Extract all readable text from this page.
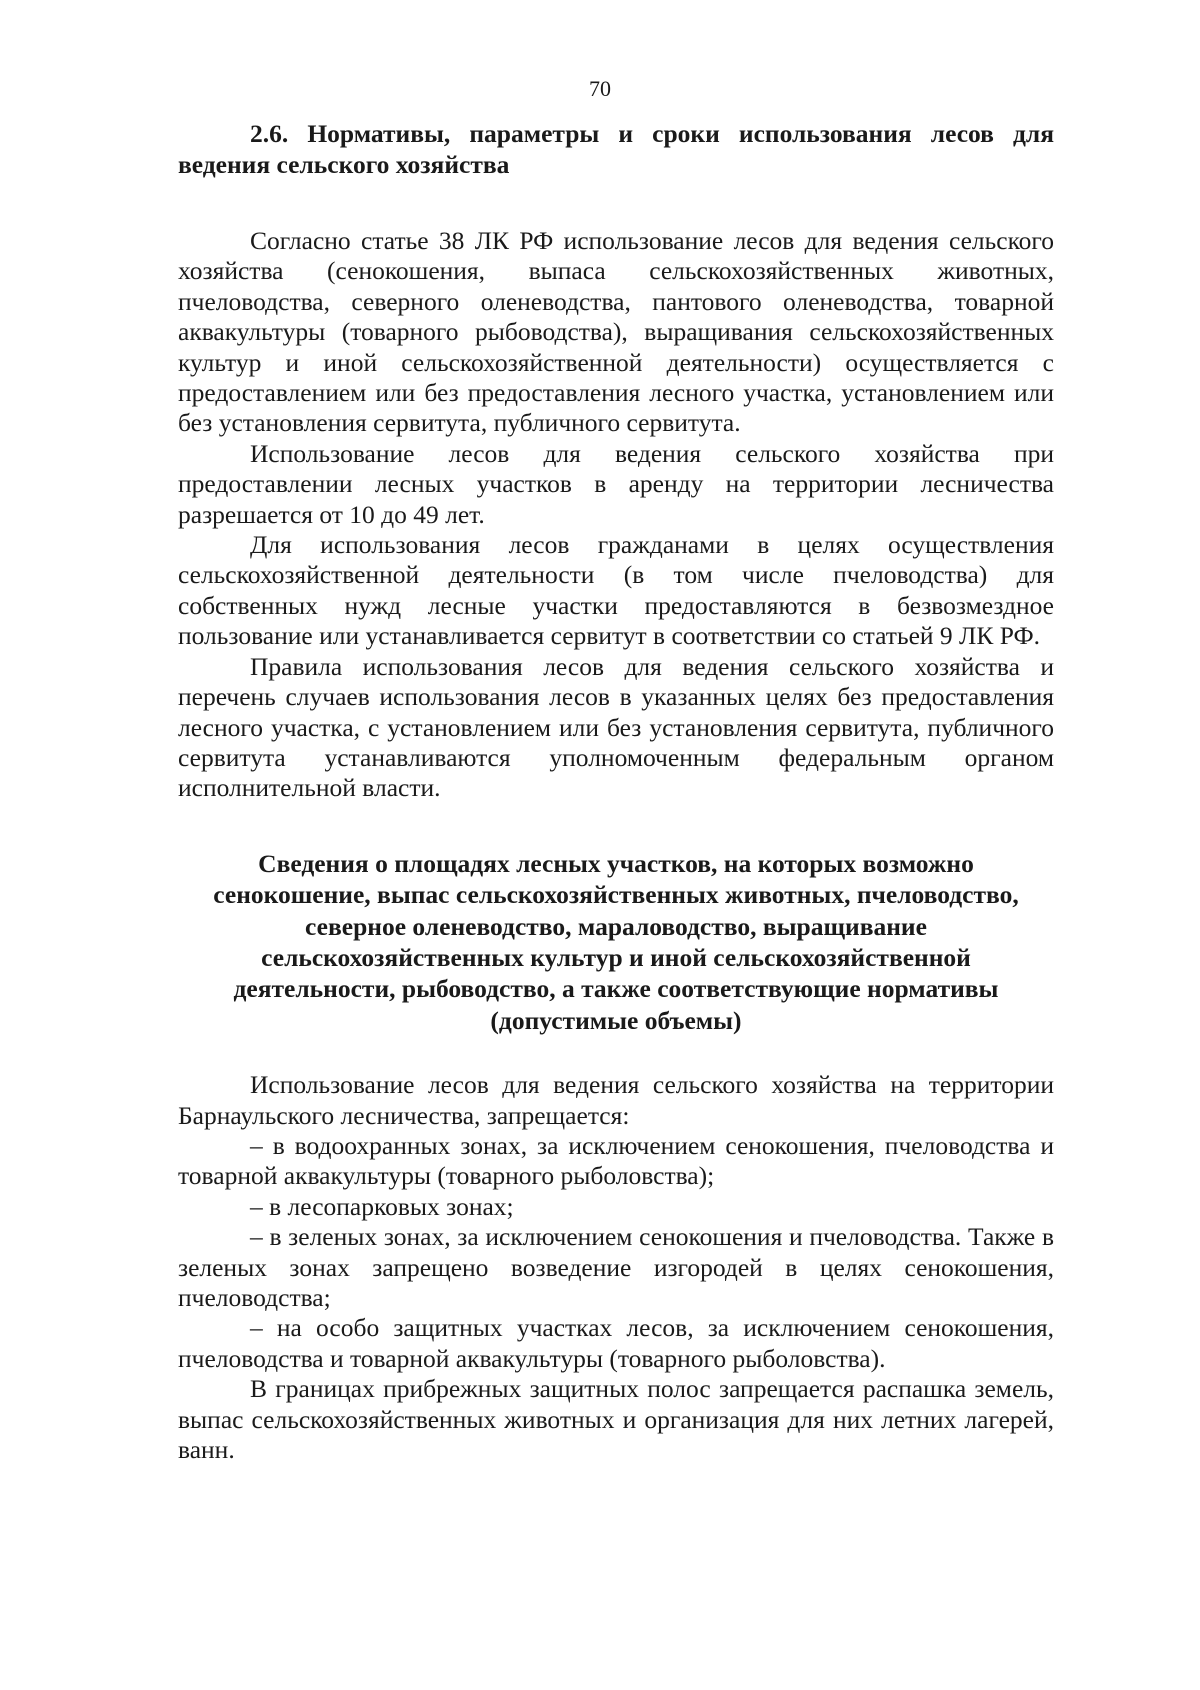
70
2.6. Нормативы, параметры и сроки использования лесов для ведения сельского хозяйства

Согласно статье 38 ЛК РФ использование лесов для ведения сельского хозяйства (сенокошения, выпаса сельскохозяйственных животных, пчеловодства, северного оленеводства, пантового оленеводства, товарной аквакультуры (товарного рыбоводства), выращивания сельскохозяйственных культур и иной сельскохозяйственной деятельности) осуществляется с предоставлением или без предоставления лесного участка, установлением или без установления сервитута, публичного сервитута.

Использование лесов для ведения сельского хозяйства при предоставлении лесных участков в аренду на территории лесничества разрешается от 10 до 49 лет.

Для использования лесов гражданами в целях осуществления сельскохозяйственной деятельности (в том числе пчеловодства) для собственных нужд лесные участки предоставляются в безвозмездное пользование или устанавливается сервитут в соответствии со статьей 9 ЛК РФ.

Правила использования лесов для ведения сельского хозяйства и перечень случаев использования лесов в указанных целях без предоставления лесного участка, с установлением или без установления сервитута, публичного сервитута устанавливаются уполномоченным федеральным органом исполнительной власти.

Сведения о площадях лесных участков, на которых возможно сенокошение, выпас сельскохозяйственных животных, пчеловодство, северное оленеводство, мараловодство, выращивание сельскохозяйственных культур и иной сельскохозяйственной деятельности, рыбоводство, а также соответствующие нормативы (допустимые объемы)

Использование лесов для ведения сельского хозяйства на территории Барнаульского лесничества, запрещается:

– в водоохранных зонах, за исключением сенокошения, пчеловодства и товарной аквакультуры (товарного рыболовства);

– в лесопарковых зонах;

– в зеленых зонах, за исключением сенокошения и пчеловодства. Также в зеленых зонах запрещено возведение изгородей в целях сенокошения, пчеловодства;

– на особо защитных участках лесов, за исключением сенокошения, пчеловодства и товарной аквакультуры (товарного рыболовства).

В границах прибрежных защитных полос запрещается распашка земель, выпас сельскохозяйственных животных и организация для них летних лагерей, ванн.
